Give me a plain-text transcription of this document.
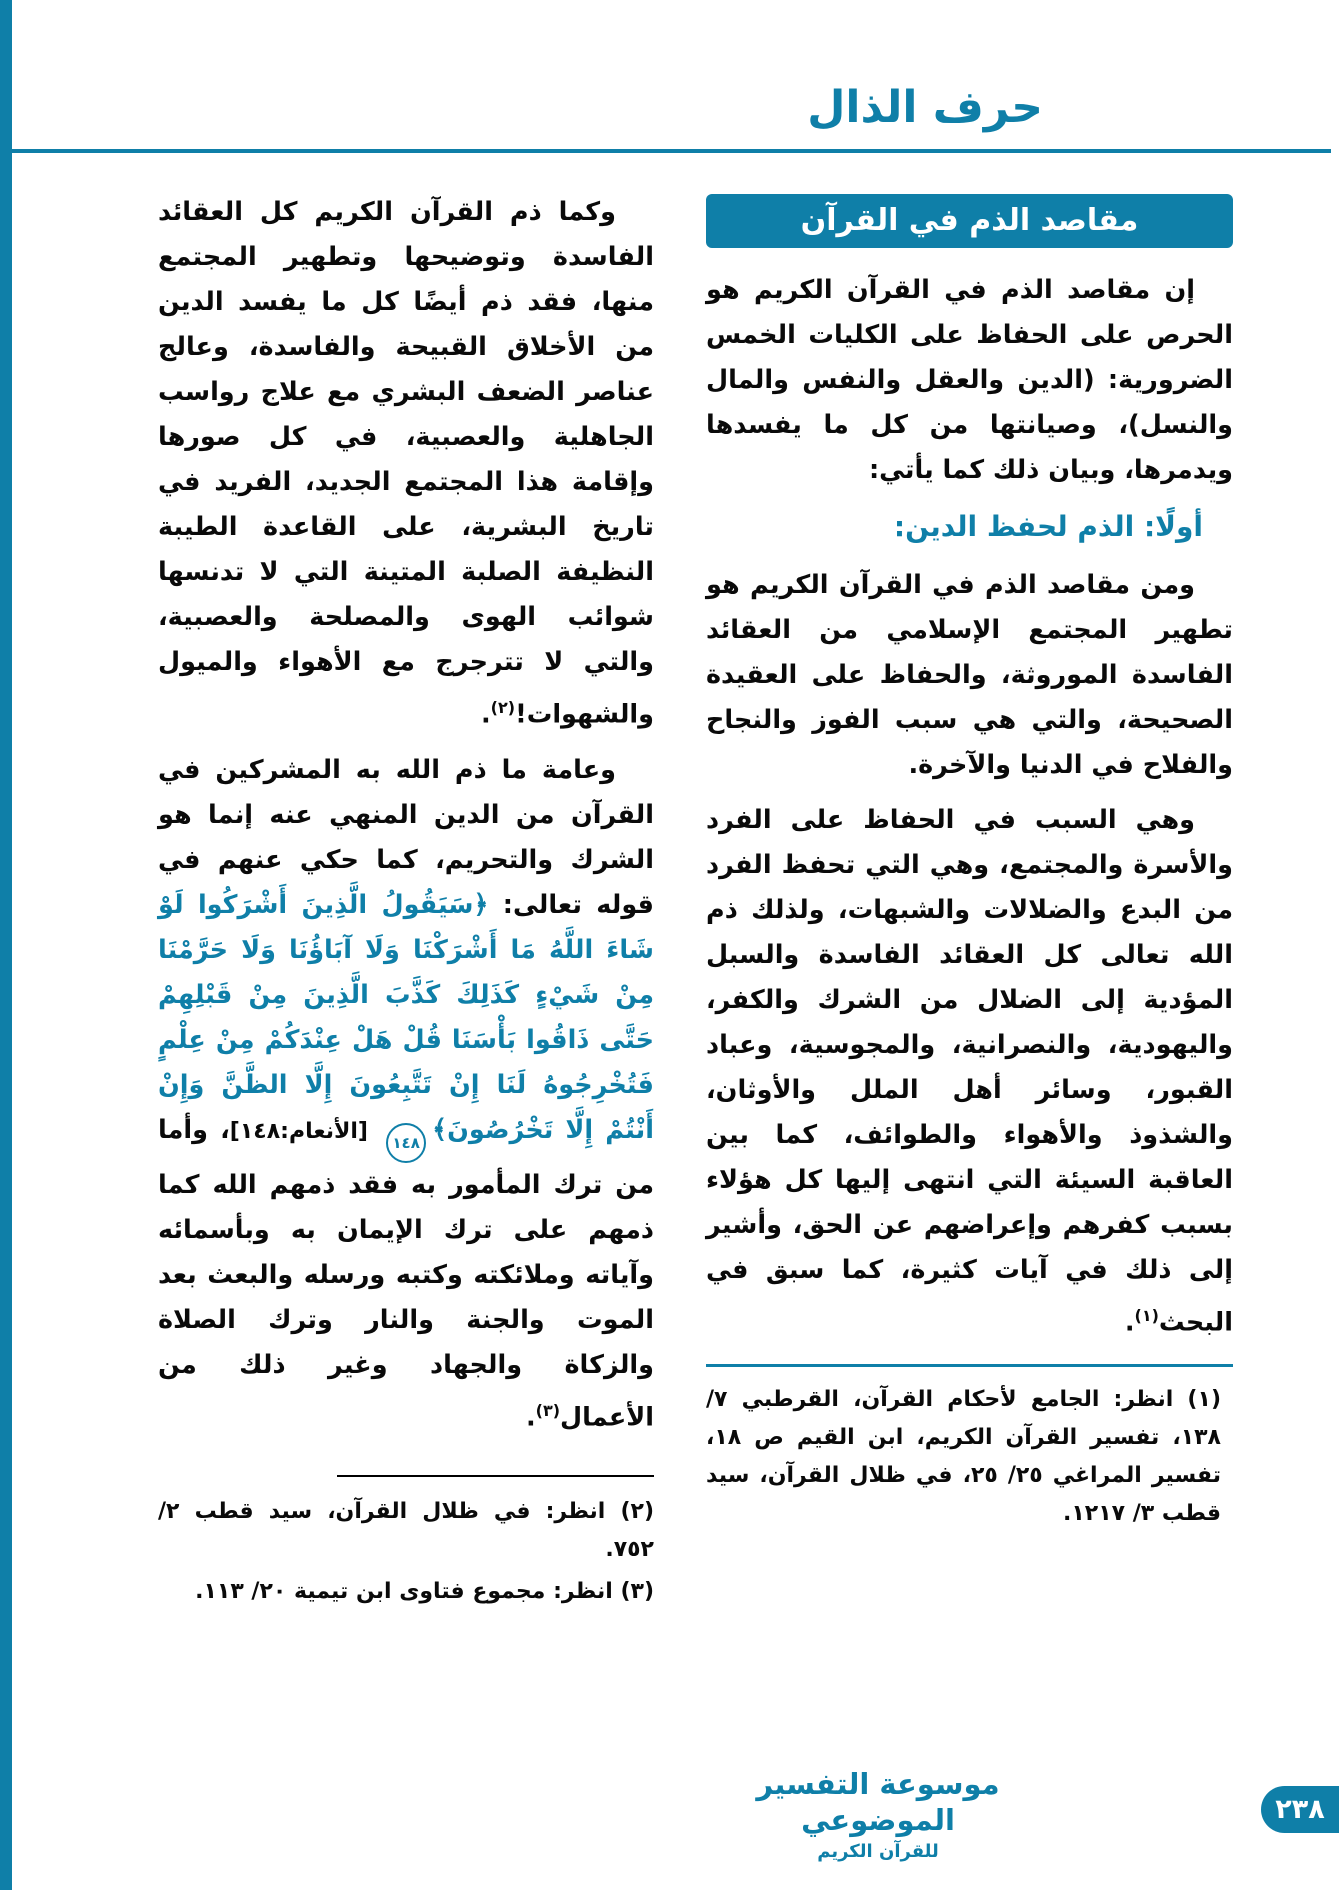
حرف الذال
مقاصد الذم في القرآن

إن مقاصد الذم في القرآن الكريم هو الحرص على الحفاظ على الكليات الخمس الضرورية: (الدين والعقل والنفس والمال والنسل)، وصيانتها من كل ما يفسدها ويدمرها، وبيان ذلك كما يأتي:

أولًا: الذم لحفظ الدين:

ومن مقاصد الذم في القرآن الكريم هو تطهير المجتمع الإسلامي من العقائد الفاسدة الموروثة، والحفاظ على العقيدة الصحيحة، والتي هي سبب الفوز والنجاح والفلاح في الدنيا والآخرة.

وهي السبب في الحفاظ على الفرد والأسرة والمجتمع، وهي التي تحفظ الفرد من البدع والضلالات والشبهات، ولذلك ذم الله تعالى كل العقائد الفاسدة والسبل المؤدية إلى الضلال من الشرك والكفر، واليهودية، والنصرانية، والمجوسية، وعباد القبور، وسائر أهل الملل والأوثان، والشذوذ والأهواء والطوائف، كما بين العاقبة السيئة التي انتهى إليها كل هؤلاء بسبب كفرهم وإعراضهم عن الحق، وأشير إلى ذلك في آيات كثيرة، كما سبق في البحث$^{(١)}$.

(١) انظر: الجامع لأحكام القرآن، القرطبي ٧/ ١٣٨، تفسير القرآن الكريم، ابن القيم ص ١٨، تفسير المراغي ٢٥/ ٢٥، في ظلال القرآن، سيد قطب ٣/ ١٢١٧.

وكما ذم القرآن الكريم كل العقائد الفاسدة وتوضيحها وتطهير المجتمع منها، فقد ذم أيضًا كل ما يفسد الدين من الأخلاق القبيحة والفاسدة، وعالج عناصر الضعف البشري مع علاج رواسب الجاهلية والعصبية، في كل صورها وإقامة هذا المجتمع الجديد، الفريد في تاريخ البشرية، على القاعدة الطيبة النظيفة الصلبة المتينة التي لا تدنسها شوائب الهوى والمصلحة والعصبية، والتي لا تترجرج مع الأهواء والميول والشهوات!$^{(٢)}$.

وعامة ما ذم الله به المشركين في القرآن من الدين المنهي عنه إنما هو الشرك والتحريم، كما حكي عنهم في قوله تعالى: ﴿سَيَقُولُ الَّذِينَ أَشْرَكُوا لَوْ شَاءَ اللَّهُ مَا أَشْرَكْنَا وَلَا آبَاؤُنَا وَلَا حَرَّمْنَا مِنْ شَيْءٍ كَذَلِكَ كَذَّبَ الَّذِينَ مِنْ قَبْلِهِمْ حَتَّى ذَاقُوا بَأْسَنَا قُلْ هَلْ عِنْدَكُمْ مِنْ عِلْمٍ فَتُخْرِجُوهُ لَنَا إِنْ تَتَّبِعُونَ إِلَّا الظَّنَّ وَإِنْ أَنْتُمْ إِلَّا تَخْرُصُونَ﴾١٤٨ [الأنعام:١٤٨]، وأما من ترك المأمور به فقد ذمهم الله كما ذمهم على ترك الإيمان به وبأسمائه وآياته وملائكته وكتبه ورسله والبعث بعد الموت والجنة والنار وترك الصلاة والزكاة والجهاد وغير ذلك من الأعمال$^{(٣)}$.

(٢) انظر: في ظلال القرآن، سيد قطب ٢/ ٧٥٢.

(٣) انظر: مجموع فتاوى ابن تيمية ٢٠/ ١١٣.

موسوعة التفسير الموضوعي
للقرآن الكريم
٢٣٨
